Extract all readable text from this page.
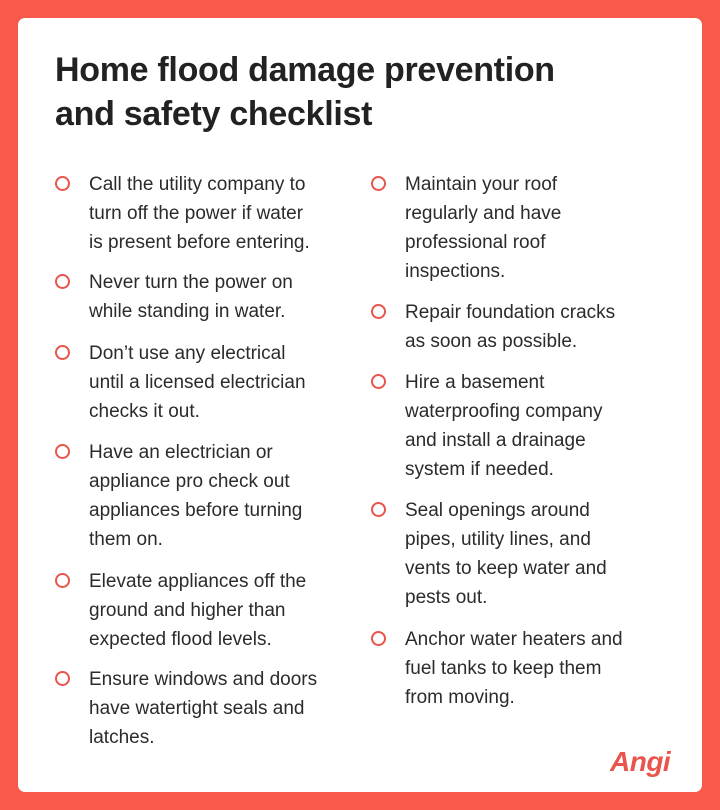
Home flood damage prevention
and safety checklist
Call the utility company to
turn off the power if water
is present before entering.
Never turn the power on
while standing in water.
Don’t use any electrical
until a licensed electrician
checks it out.
Have an electrician or
appliance pro check out
appliances before turning
them on.
Elevate appliances off the
ground and higher than
expected flood levels.
Ensure windows and doors
have watertight seals and
latches.
Maintain your roof
regularly and have
professional roof
inspections.
Repair foundation cracks
as soon as possible.
Hire a basement
waterproofing company
and install a drainage
system if needed.
Seal openings around
pipes, utility lines, and
vents to keep water and
pests out.
Anchor water heaters and
fuel tanks to keep them
from moving.
Angi
